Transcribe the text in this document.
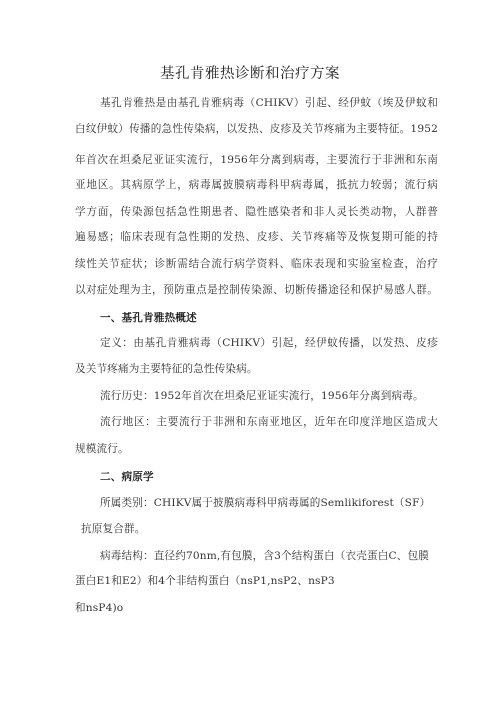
基孔肯雅热诊断和治疗方案
基孔肯雅热是由基孔肯雅病毒（CHIKV）引起、经伊蚊（埃及伊蚊和
白纹伊蚊）传播的急性传染病，以发热、皮疹及关节疼痛为主要特征。1952
年首次在坦桑尼亚证实流行，1956年分离到病毒，主要流行于非洲和东南
亚地区。其病原学上，病毒属披膜病毒科甲病毒属，抵抗力较弱；流行病
学方面，传染源包括急性期患者、隐性感染者和非人灵长类动物，人群普
遍易感；临床表现有急性期的发热、皮疹、关节疼痛等及恢复期可能的持
续性关节症状；诊断需结合流行病学资料、临床表现和实验室检查，治疗
以对症处理为主，预防重点是控制传染源、切断传播途径和保护易感人群。
一、基孔肯雅热概述
定义：由基孔肯雅病毒（CHIKV）引起，经伊蚊传播，以发热、皮疹
及关节疼痛为主要特征的急性传染病。
流行历史：1952年首次在坦桑尼亚证实流行，1956年分离到病毒。
流行地区：主要流行于非洲和东南亚地区，近年在印度洋地区造成大
规模流行。
二、病原学
所属类别：CHIKV属于披膜病毒科甲病毒属的Semlikiforest（SF）
抗原复合群。
病毒结构：直径约70nm,有包膜，含3个结构蛋白（衣壳蛋白C、包膜
蛋白E1和E2）和4个非结构蛋白（nsP1,nsP2、nsP3
和nsP4)o
